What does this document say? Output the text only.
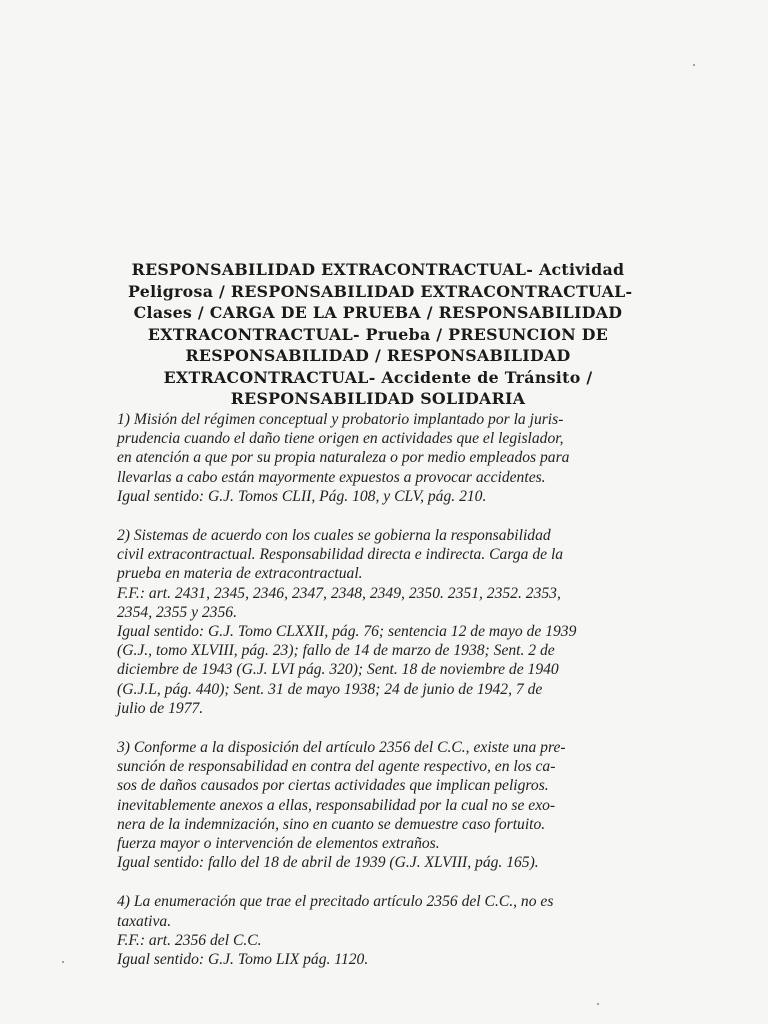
RESPONSABILIDAD EXTRACONTRACTUAL- Actividad
Peligrosa / RESPONSABILIDAD EXTRACONTRACTUAL-
Clases / CARGA DE LA PRUEBA / RESPONSABILIDAD
EXTRACONTRACTUAL- Prueba / PRESUNCION DE
RESPONSABILIDAD / RESPONSABILIDAD
EXTRACONTRACTUAL- Accidente de Tránsito /
RESPONSABILIDAD SOLIDARIA
1) Misión del régimen conceptual y probatorio implantado por la juris-
prudencia cuando el daño tiene origen en actividades que el legislador,
en atención a que por su propia naturaleza o por medio empleados para
llevarlas a cabo están mayormente expuestos a provocar accidentes.
Igual sentido: G.J. Tomos CLII, Pág. 108, y CLV, pág. 210.
2) Sistemas de acuerdo con los cuales se gobierna la responsabilidad
civil extracontractual. Responsabilidad directa e indirecta. Carga de la
prueba en materia de extracontractual.
F.F.: art. 2431, 2345, 2346, 2347, 2348, 2349, 2350. 2351, 2352. 2353,
2354, 2355 y 2356.
Igual sentido: G.J. Tomo CLXXII, pág. 76; sentencia 12 de mayo de 1939
(G.J., tomo XLVIII, pág. 23); fallo de 14 de marzo de 1938; Sent. 2 de
diciembre de 1943 (G.J. LVI pág. 320); Sent. 18 de noviembre de 1940
(G.J.L, pág. 440); Sent. 31 de mayo 1938; 24 de junio de 1942, 7 de
julio de 1977.
3) Conforme a la disposición del artículo 2356 del C.C., existe una pre-
sunción de responsabilidad en contra del agente respectivo, en los ca-
sos de daños causados por ciertas actividades que implican peligros.
inevitablemente anexos a ellas, responsabilidad por la cual no se exo-
nera de la indemnización, sino en cuanto se demuestre caso fortuito.
fuerza mayor o intervención de elementos extraños.
Igual sentido: fallo del 18 de abril de 1939 (G.J. XLVIII, pág. 165).
4) La enumeración que trae el precitado artículo 2356 del C.C., no es
taxativa.
F.F.: art. 2356 del C.C.
Igual sentido: G.J. Tomo LIX pág. 1120.
